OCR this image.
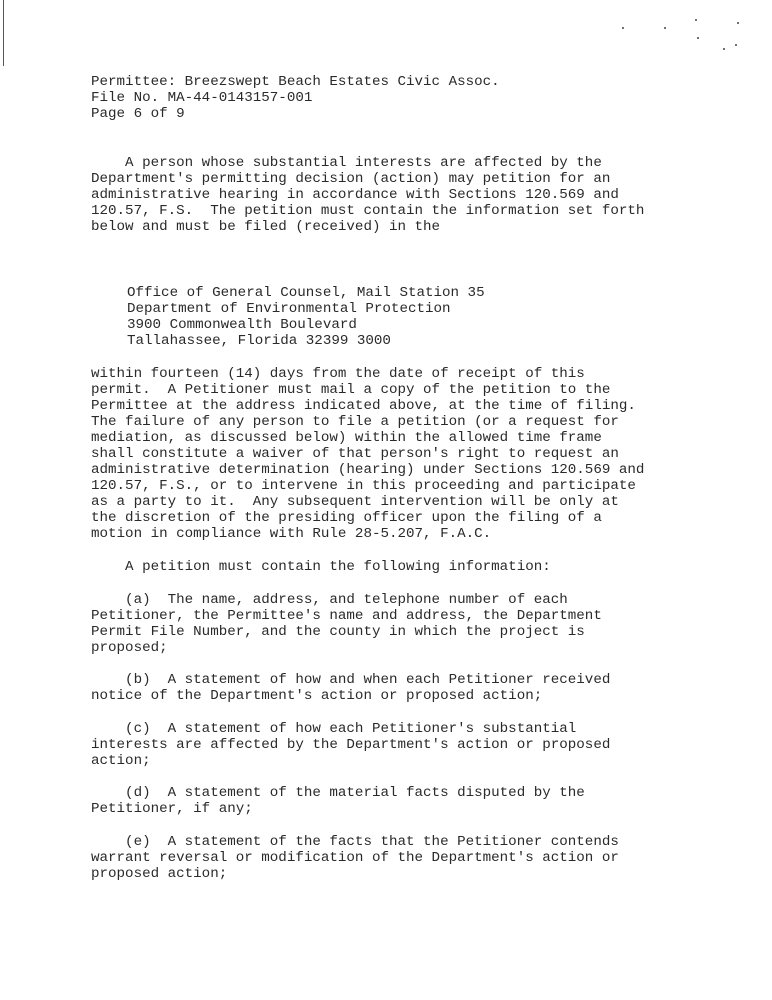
Permittee: Breezswept Beach Estates Civic Assoc.

File No. MA-44-0143157-001

Page 6 of 9

A person whose substantial interests are affected by the

Department's permitting decision (action) may petition for an

administrative hearing in accordance with Sections 120.569 and

120.57, F.S.  The petition must contain the information set forth

below and must be filed (received) in the

Office of General Counsel, Mail Station 35

Department of Environmental Protection

3900 Commonwealth Boulevard

Tallahassee, Florida 32399 3000

within fourteen (14) days from the date of receipt of this

permit.  A Petitioner must mail a copy of the petition to the

Permittee at the address indicated above, at the time of filing.

The failure of any person to file a petition (or a request for

mediation, as discussed below) within the allowed time frame

shall constitute a waiver of that person's right to request an

administrative determination (hearing) under Sections 120.569 and

120.57, F.S., or to intervene in this proceeding and participate

as a party to it.  Any subsequent intervention will be only at

the discretion of the presiding officer upon the filing of a

motion in compliance with Rule 28-5.207, F.A.C.

A petition must contain the following information:

(a)  The name, address, and telephone number of each

Petitioner, the Permittee's name and address, the Department

Permit File Number, and the county in which the project is

proposed;

(b)  A statement of how and when each Petitioner received

notice of the Department's action or proposed action;

(c)  A statement of how each Petitioner's substantial

interests are affected by the Department's action or proposed

action;

(d)  A statement of the material facts disputed by the

Petitioner, if any;

(e)  A statement of the facts that the Petitioner contends

warrant reversal or modification of the Department's action or

proposed action;
